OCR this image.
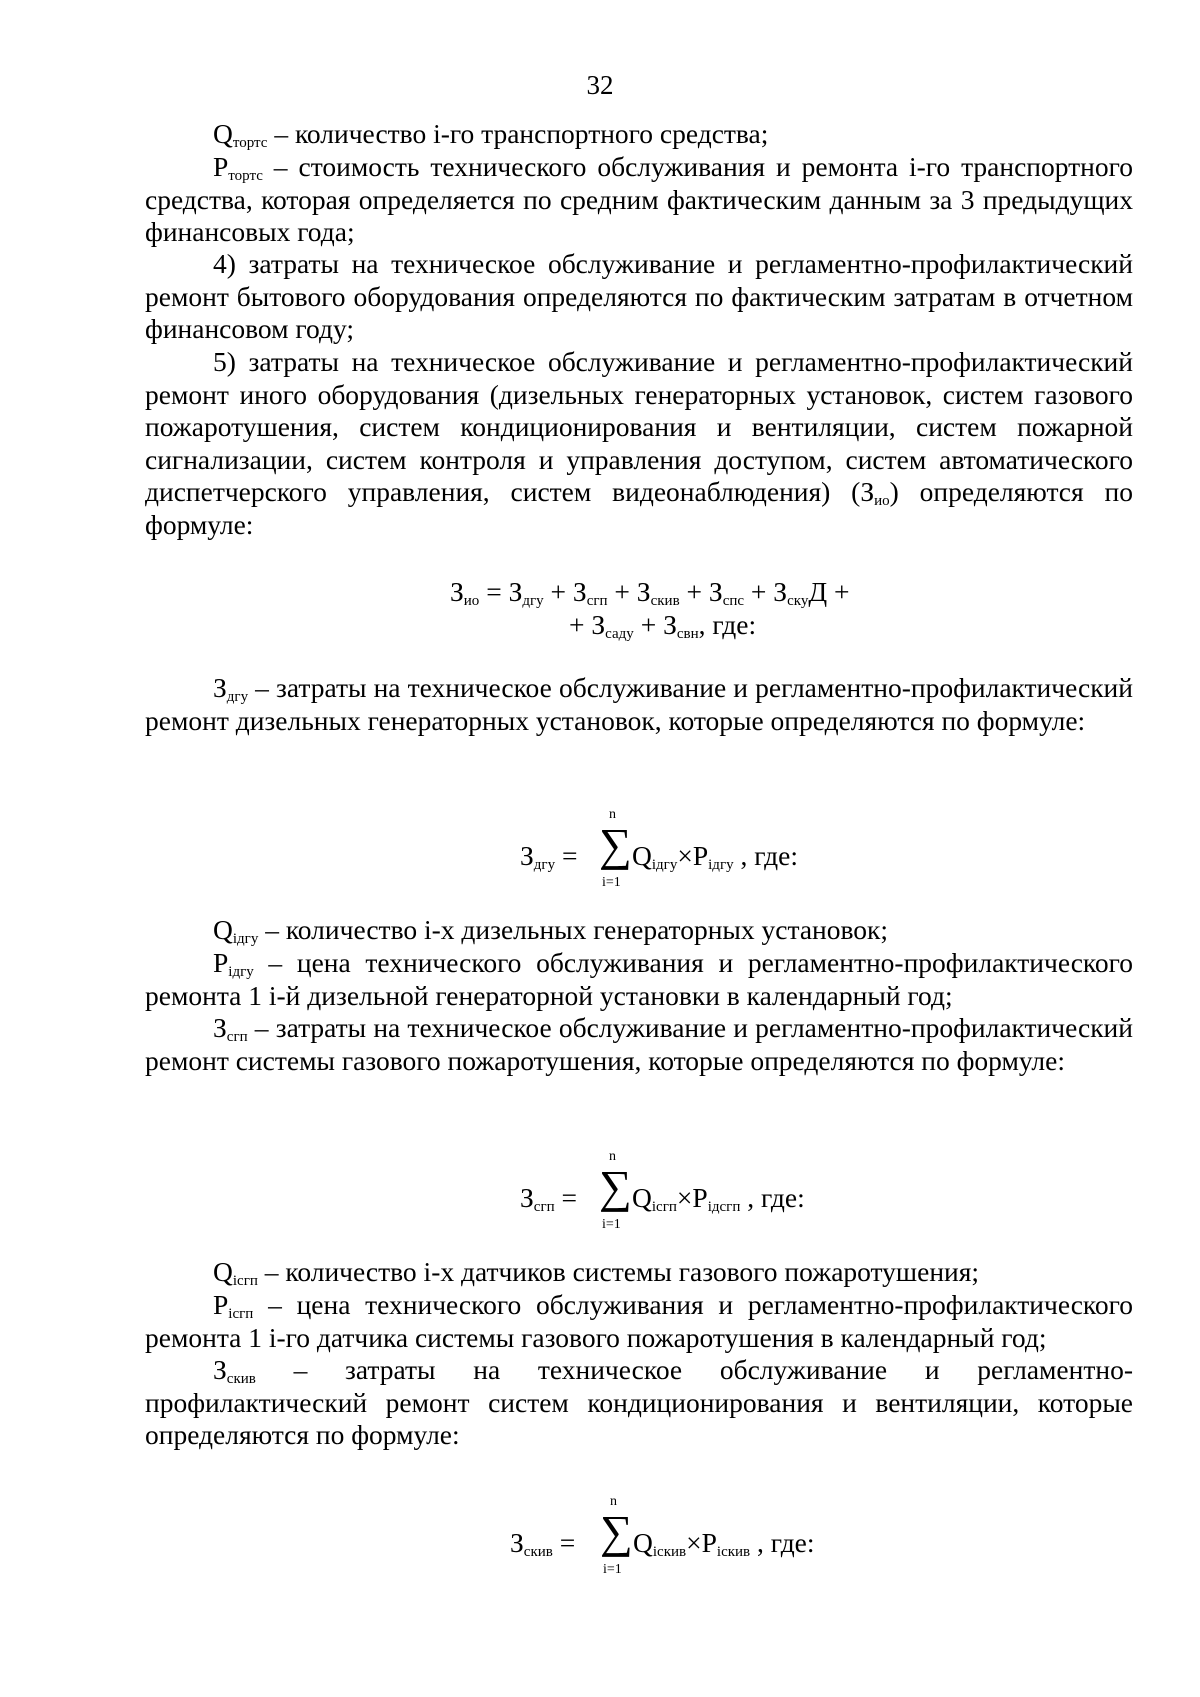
32

$Q_{тортс}$ – количество i-го транспортного средства;

$P_{тортс}$ – стоимость технического обслуживания и ремонта i-го транспортного средства, которая определяется по средним фактическим данным за 3 предыдущих финансовых года;

4) затраты на техническое обслуживание и регламентно-профилактический ремонт бытового оборудования определяются по фактическим затратам в отчетном финансовом году;

5) затраты на техническое обслуживание и регламентно-профилактический ремонт иного оборудования (дизельных генераторных установок, систем газового пожаротушения, систем кондиционирования и вентиляции, систем пожарной сигнализации, систем контроля и управления доступом, систем автоматического диспетчерского управления, систем видеонаблюдения) $(З_{ио})$ определяются по формуле:

$З_{ио} = З_{дгу} + З_{сгп} + З_{скив} + З_{спс} + З_{ску}Д$ +
+ $З_{саду} + З_{свн}$, где:

$З_{дгу}$ – затраты на техническое обслуживание и регламентно-профилактический ремонт дизельных генераторных установок, которые определяются по формуле:

$З_{дгу}$ =
n
∑
i=1
$Q_{iдгу}\times P_{iдгу}$ , где:

$Q_{iдгу}$ – количество i-х дизельных генераторных установок;

$P_{iдгу}$ – цена технического обслуживания и регламентно-профилактического ремонта 1 i-й дизельной генераторной установки в календарный год;

$З_{сгп}$ – затраты на техническое обслуживание и регламентно-профилактический ремонт системы газового пожаротушения, которые определяются по формуле:

$З_{сгп}$ =
n
∑
i=1
$Q_{iсгп}\times P_{iдсгп}$ , где:

$Q_{iсгп}$ – количество i-х датчиков системы газового пожаротушения;

$P_{iсгп}$ – цена технического обслуживания и регламентно-профилактического ремонта 1 i-го датчика системы газового пожаротушения в календарный год;

$З_{скив}$ – затраты на техническое обслуживание и регламентно-профилактический ремонт систем кондиционирования и вентиляции, которые определяются по формуле:

$З_{скив}$ =
n
∑
i=1
$Q_{iскив}\times P_{iскив}$ , где:
